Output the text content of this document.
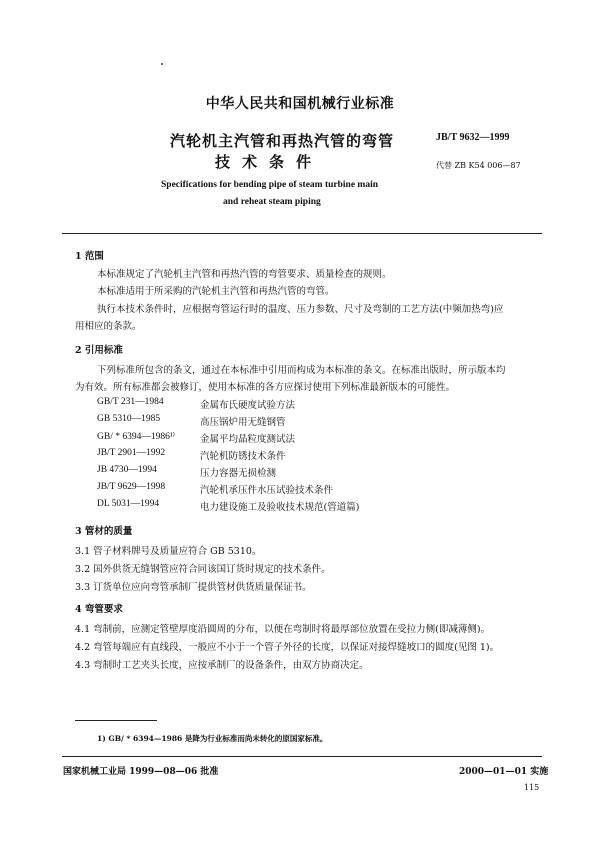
中华人民共和国机械行业标准
汽轮机主汽管和再热汽管的弯管
技术条件
JB/T 9632—1999
代替 ZB K54 006—87
Specifications for bending pipe of steam turbine main
and reheat steam piping
1 范围
本标准规定了汽轮机主汽管和再热汽管的弯管要求、质量检查的规则。
本标准适用于所采购的汽轮机主汽管和再热汽管的弯管。
执行本技术条件时，应根据弯管运行时的温度、压力参数、尺寸及弯制的工艺方法(中频加热弯)应
用相应的条款。
2 引用标准
下列标准所包含的条文，通过在本标准中引用而构成为本标准的条文。在标准出版时，所示版本均
为有效。所有标准都会被修订，使用本标准的各方应探讨使用下列标准最新版本的可能性。
GB/T 231—1984	金属布氏硬度试验方法
GB 5310—1985	高压锅炉用无缝钢管
GB/ * 6394—1986¹⁾	金属平均晶粒度测试法
JB/T 2901—1992	汽轮机防锈技术条件
JB 4730—1994	压力容器无损检测
JB/T 9629—1998	汽轮机承压件水压试验技术条件
DL 5031—1994	电力建设施工及验收技术规范(管道篇)
3 管材的质量
3.1 管子材料牌号及质量应符合 GB 5310。
3.2 国外供货无缝钢管应符合同该国订货时规定的技术条件。
3.3 订货单位应向弯管承制厂提供管材供货质量保证书。
4 弯管要求
4.1 弯制前，应测定管壁厚度沿圆周的分布，以便在弯制时将最厚部位放置在受拉力侧(即减薄侧)。
4.2 弯管每端应有直线段，一般应不小于一个管子外径的长度，以保证对接焊缝坡口的圆度(见图 1)。
4.3 弯制时工艺夹头长度，应按承制厂的设备条件，由双方协商决定。
1) GB/ * 6394—1986 是降为行业标准而尚未转化的原国家标准。
国家机械工业局 1999—08—06 批准	2000—01—01 实施
115
